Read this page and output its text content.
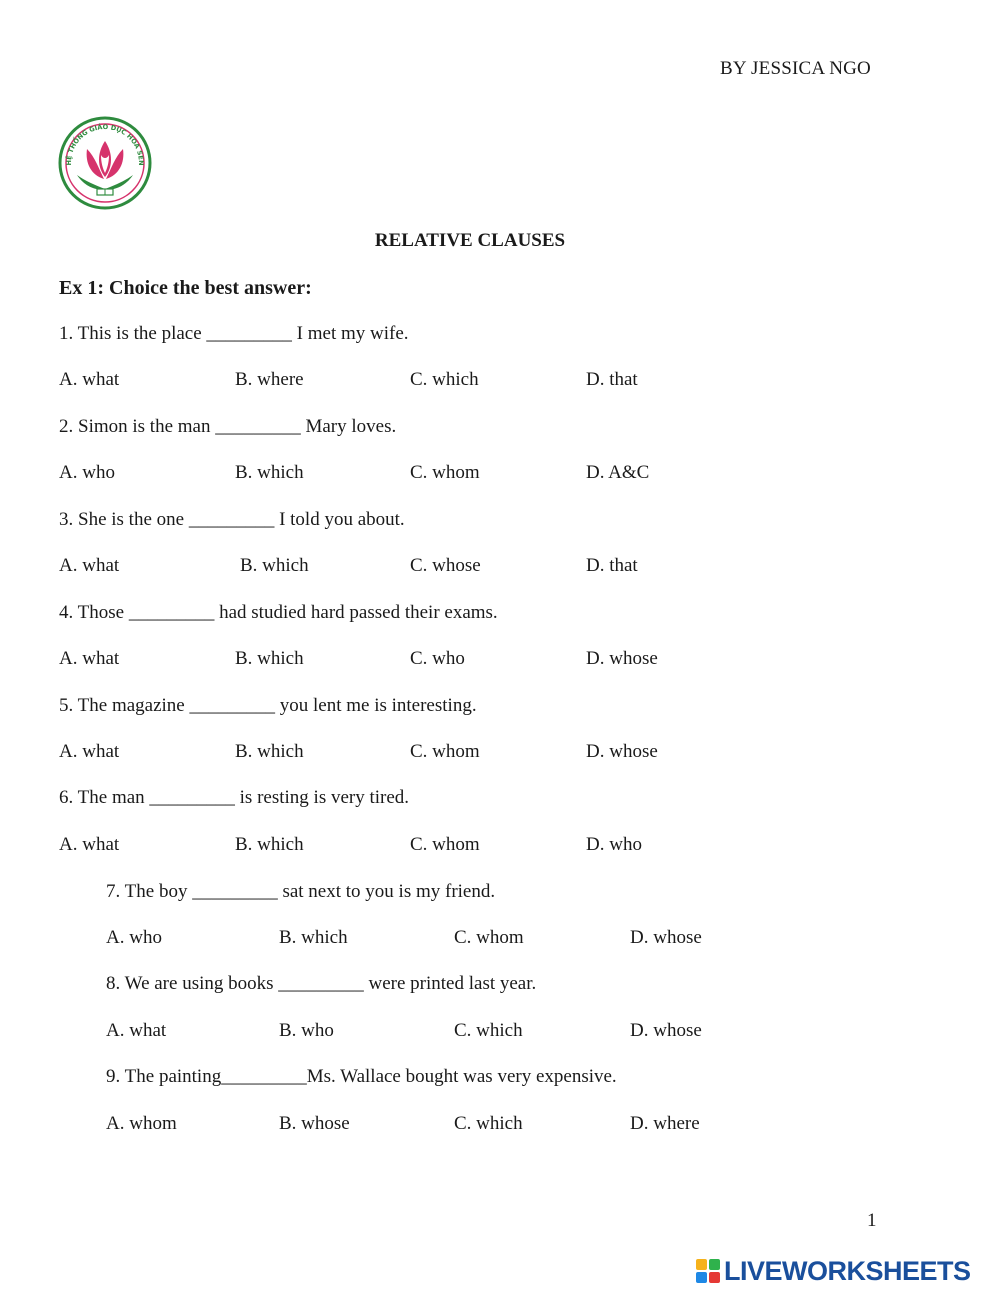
BY JESSICA NGO
HỆ THỐNG GIÁO DỤC HOA SEN
RELATIVE CLAUSES
Ex 1: Choice the best answer:
1. This is the place _________ I met my wife.
A. what	B. where	C. which	D. that
2. Simon is the man _________ Mary loves.
A. who	B. which	C. whom	D. A&C
3. She is the one _________ I told you about.
A. what	B. which	C. whose	D. that
4. Those _________ had studied hard passed their exams.
A. what	B. which	C. who	D. whose
5. The magazine _________ you lent me is interesting.
A. what	B. which	C. whom	D. whose
6. The man _________ is resting is very tired.
A. what	B. which	C. whom	D. who
7. The boy _________ sat next to you is my friend.
A. who	B. which	C. whom	D. whose
8. We are using books _________ were printed last year.
A. what	B. who	C. which	D. whose
9. The painting_________Ms. Wallace bought was very expensive.
A. whom	B. whose	C. which	D. where
1
LIVEWORKSHEETS
